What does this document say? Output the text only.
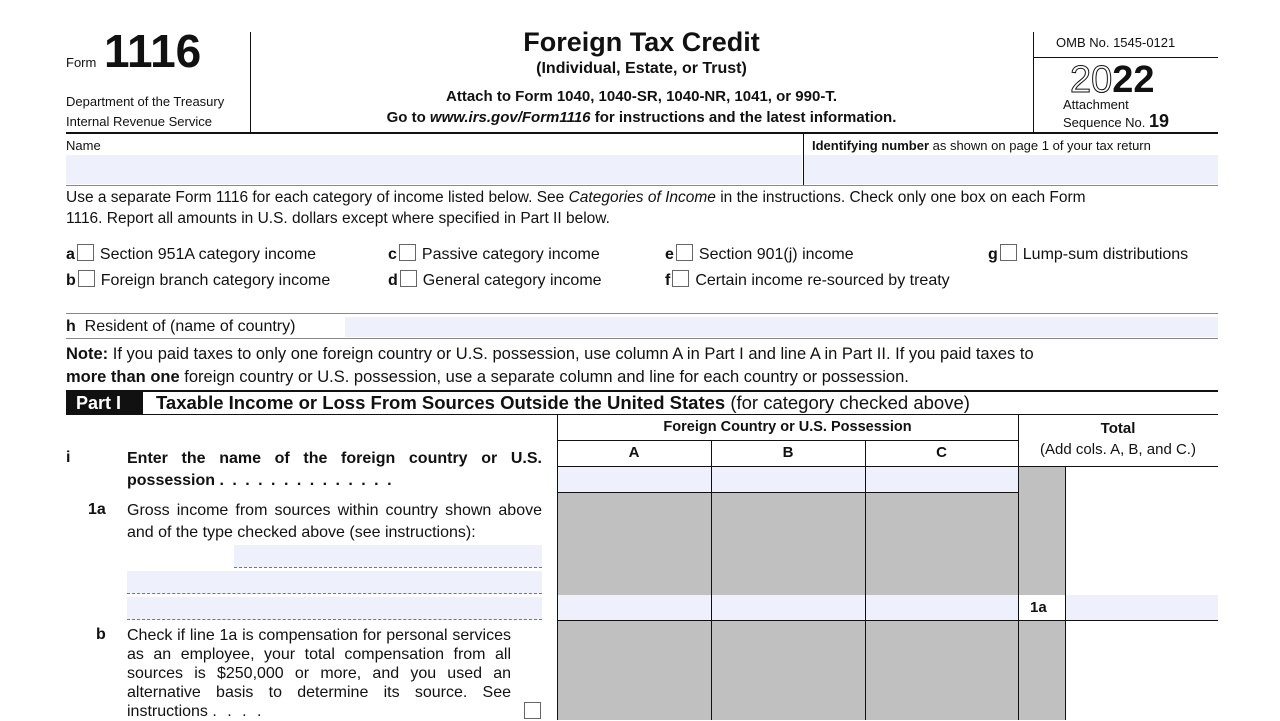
Form 1116
Department of the Treasury
Internal Revenue Service
Foreign Tax Credit
(Individual, Estate, or Trust)
Attach to Form 1040, 1040-SR, 1040-NR, 1041, or 990-T.
Go to www.irs.gov/Form1116 for instructions and the latest information.
OMB No. 1545-0121
2022
Attachment
Sequence No. 19
Name	Identifying number as shown on page 1 of your tax return
Use a separate Form 1116 for each category of income listed below. See Categories of Income in the instructions. Check only one box on each Form
1116. Report all amounts in U.S. dollars except where specified in Part II below.
a Section 951A category income
b Foreign branch category income
c Passive category income
d General category income
e Section 901(j) income
f Certain income re-sourced by treaty
g Lump-sum distributions
h Resident of (name of country)
Note: If you paid taxes to only one foreign country or U.S. possession, use column A in Part I and line A in Part II. If you paid taxes to
more than one foreign country or U.S. possession, use a separate column and line for each country or possession.
Part I	Taxable Income or Loss From Sources Outside the United States (for category checked above)
Foreign Country or U.S. Possession
A	B	C
Total
(Add cols. A, B, and C.)
1a
i	Enter the name of the foreign country or U.S. possession . . . . . . . . . . . . . .
1a Gross income from sources within country shown above and of the type checked above (see instructions):
b Check if line 1a is compensation for personal services as an employee, your total compensation from all sources is $250,000 or more, and you used an alternative basis to determine its source. See instructions . . . .
